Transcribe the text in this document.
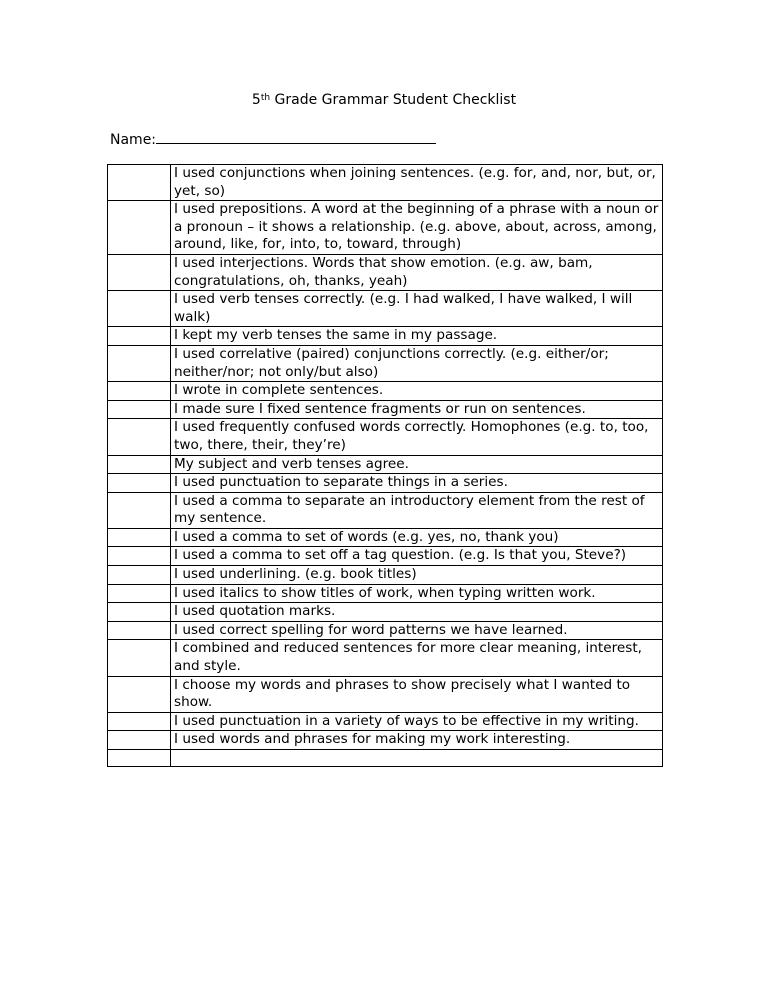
5th Grade Grammar Student Checklist
Name:
	I used conjunctions when joining sentences. (e.g. for, and, nor, but, or, yet, so)
	I used prepositions. A word at the beginning of a phrase with a noun or a pronoun – it shows a relationship. (e.g. above, about, across, among, around, like, for, into, to, toward, through)
	I used interjections. Words that show emotion. (e.g. aw, bam, congratulations, oh, thanks, yeah)
	I used verb tenses correctly. (e.g. I had walked, I have walked, I will walk)
	I kept my verb tenses the same in my passage.
	I used correlative (paired) conjunctions correctly. (e.g. either/or; neither/nor; not only/but also)
	I wrote in complete sentences.
	I made sure I fixed sentence fragments or run on sentences.
	I used frequently confused words correctly. Homophones (e.g. to, too, two, there, their, they’re)
	My subject and verb tenses agree.
	I used punctuation to separate things in a series.
	I used a comma to separate an introductory element from the rest of my sentence.
	I used a comma to set of words (e.g. yes, no, thank you)
	I used a comma to set off a tag question. (e.g. Is that you, Steve?)
	I used underlining. (e.g. book titles)
	I used italics to show titles of work, when typing written work.
	I used quotation marks.
	I used correct spelling for word patterns we have learned.
	I combined and reduced sentences for more clear meaning, interest, and style.
	I choose my words and phrases to show precisely what I wanted to show.
	I used punctuation in a variety of ways to be effective in my writing.
	I used words and phrases for making my work interesting.
